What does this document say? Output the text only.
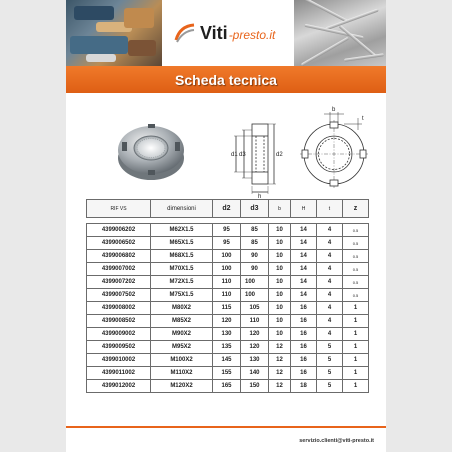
Viti -presto.it
Scheda tecnica
d1 d3	d2
h
b
t
RIF VS	dimensioni	d2	d3	b	H	t	z

4399006202	M62X1.5	95	85	10	14	4	0.5
4399006502	M65X1.5	95	85	10	14	4	0.5
4399006802	M68X1.5	100	90	10	14	4	0.5
4399007002	M70X1.5	100	90	10	14	4	0.5
4399007202	M72X1.5	110	100	10	14	4	0.5
4399007502	M75X1.5	110	100	10	14	4	0.5
4399008002	M80X2	115	105	10	16	4	1
4399008502	M85X2	120	110	10	16	4	1
4399009002	M90X2	130	120	10	16	4	1
4399009502	M95X2	135	120	12	16	5	1
4399010002	M100X2	145	130	12	16	5	1
4399011002	M110X2	155	140	12	16	5	1
4399012002	M120X2	165	150	12	18	5	1
servizio.clienti@viti-presto.it
